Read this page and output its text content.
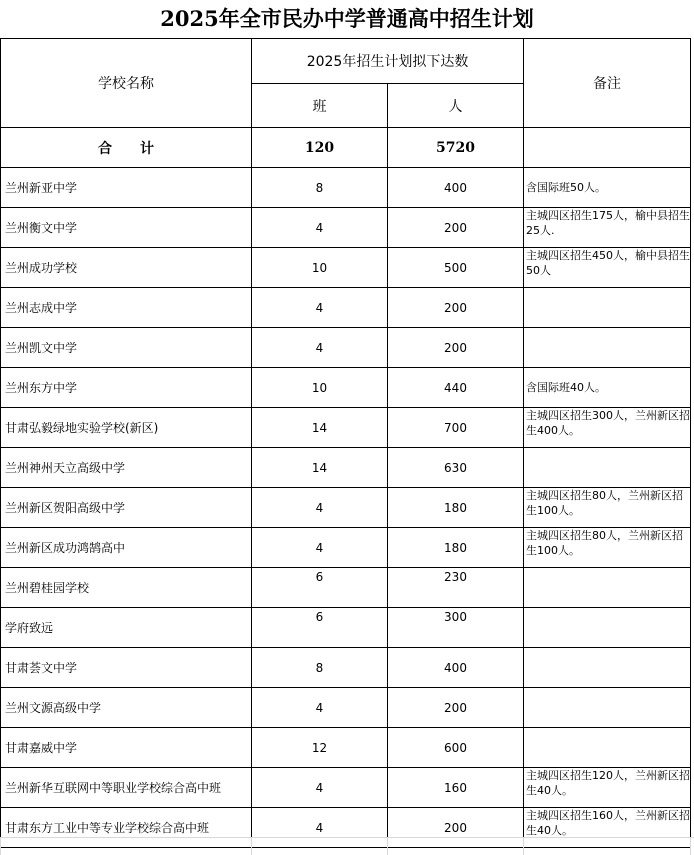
2025年全市民办中学普通高中招生计划
学校名称	2025年招生计划拟下达数		备注
	班	人	
合　　计	120	5720	
兰州新亚中学	8	400	含国际班50人。
兰州衡文中学	4	200	主城四区招生175人，榆中县招生25人.
兰州成功学校	10	500	主城四区招生450人，榆中县招生50人
兰州志成中学	4	200	
兰州凯文中学	4	200	
兰州东方中学	10	440	含国际班40人。
甘肃弘毅绿地实验学校(新区)	14	700	主城四区招生300人，兰州新区招生400人。
兰州神州天立高级中学	14	630	
兰州新区贺阳高级中学	4	180	主城四区招生80人，兰州新区招生100人。
兰州新区成功鸿鹄高中	4	180	主城四区招生80人，兰州新区招生100人。
兰州碧桂园学校	6	230	
学府致远	6	300	
甘肃荟文中学	8	400	
兰州文源高级中学	4	200	
甘肃嘉威中学	12	600	
兰州新华互联网中等职业学校综合高中班	4	160	主城四区招生120人，兰州新区招生40人。
甘肃东方工业中等专业学校综合高中班	4	200	主城四区招生160人，兰州新区招生40人。
